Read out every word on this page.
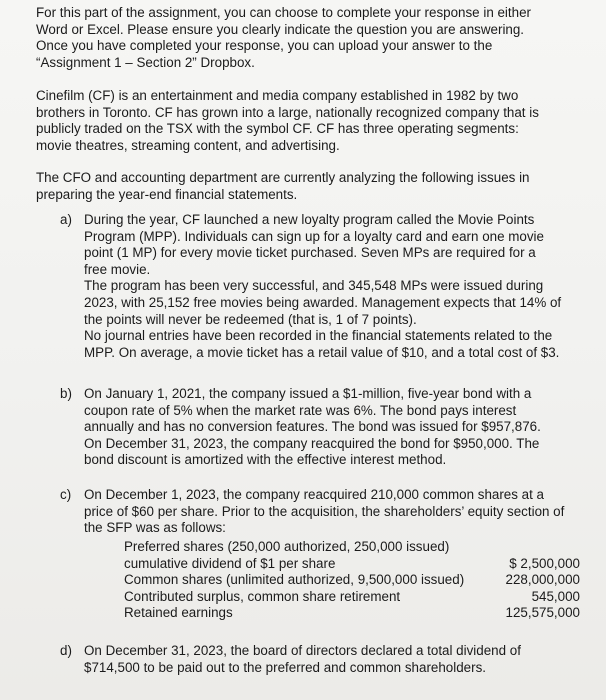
For this part of the assignment, you can choose to complete your response in either
Word or Excel. Please ensure you clearly indicate the question you are answering.
Once you have completed your response, you can upload your answer to the
“Assignment 1 – Section 2” Dropbox.
Cinefilm (CF) is an entertainment and media company established in 1982 by two
brothers in Toronto. CF has grown into a large, nationally recognized company that is
publicly traded on the TSX with the symbol CF. CF has three operating segments:
movie theatres, streaming content, and advertising.
The CFO and accounting department are currently analyzing the following issues in
preparing the year-end financial statements.
a) During the year, CF launched a new loyalty program called the Movie Points
Program (MPP). Individuals can sign up for a loyalty card and earn one movie
point (1 MP) for every movie ticket purchased. Seven MPs are required for a
free movie.
The program has been very successful, and 345,548 MPs were issued during
2023, with 25,152 free movies being awarded. Management expects that 14% of
the points will never be redeemed (that is, 1 of 7 points).
No journal entries have been recorded in the financial statements related to the
MPP. On average, a movie ticket has a retail value of $10, and a total cost of $3.
b) On January 1, 2021, the company issued a $1-million, five-year bond with a
coupon rate of 5% when the market rate was 6%. The bond pays interest
annually and has no conversion features. The bond was issued for $957,876.
On December 31, 2023, the company reacquired the bond for $950,000. The
bond discount is amortized with the effective interest method.
c) On December 1, 2023, the company reacquired 210,000 common shares at a
price of $60 per share. Prior to the acquisition, the shareholders’ equity section of
the SFP was as follows:
Preferred shares (250,000 authorized, 250,000 issued)
cumulative dividend of $1 per share	$ 2,500,000
Common shares (unlimited authorized, 9,500,000 issued)	228,000,000
Contributed surplus, common share retirement	545,000
Retained earnings	125,575,000
d) On December 31, 2023, the board of directors declared a total dividend of
$714,500 to be paid out to the preferred and common shareholders.
